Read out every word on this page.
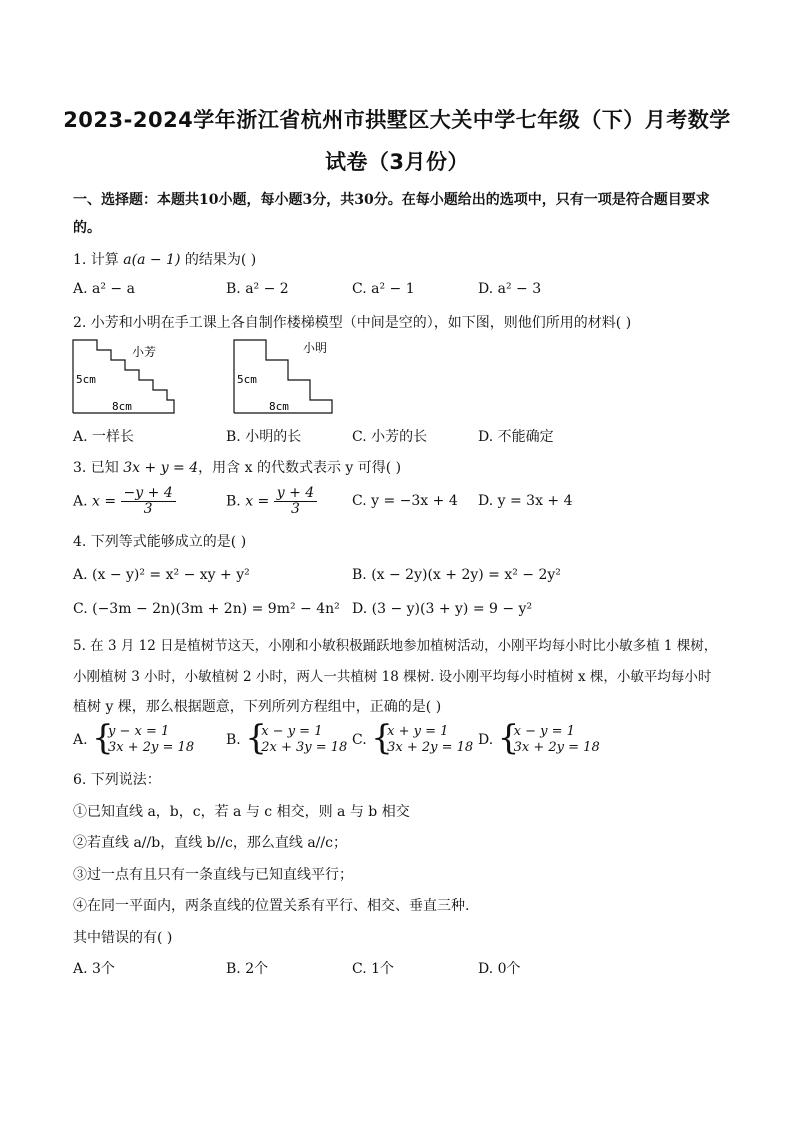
2023-2024学年浙江省杭州市拱墅区大关中学七年级（下）月考数学
试卷（3月份）
一、选择题：本题共10小题，每小题3分，共30分。在每小题给出的选项中，只有一项是符合题目要求
的。
1. 计算 a(a − 1) 的结果为( )
A. a² − a	B. a² − 2	C. a² − 1	D. a² − 3
2. 小芳和小明在手工课上各自制作楼梯模型（中间是空的），如下图，则他们所用的材料( )
小芳
5cm
8cm
小明
5cm
8cm
A. 一样长	B. 小明的长	C. 小芳的长	D. 不能确定
3. 已知 3x + y = 4，用含 x 的代数式表示 y 可得( )
A. $x = \frac{-y + 4}{3}$	B. $x = \frac{y + 4}{3} C$. y = −3x + 4 D. y = 3x + 4
4. 下列等式能够成立的是( )
A. (x − y)² = x² − xy + y²	B. (x − 2y)(x + 2y) = x² − 2y²
C. (−3m − 2n)(3m + 2n) = 9m² − 4n² D. (3 − y)(3 + y) = 9 − y²
5. 在 3 月 12 日是植树节这天，小刚和小敏积极踊跃地参加植树活动，小刚平均每小时比小敏多植 1 棵树，
小刚植树 3 小时，小敏植树 2 小时，两人一共植树 18 棵树. 设小刚平均每小时植树 x 棵，小敏平均每小时
植树 y 棵，那么根据题意，下列所列方程组中，正确的是( )
A. {
y − x = 1
3x + 2y = 18 B. {
x − y = 1
2x + 3y = 18 C. {
x + y = 1
3x + 2y = 18 D. {
x − y = 1
3x + 2y = 18
6. 下列说法：
①已知直线 a，b，c，若 a 与 c 相交，则 a 与 b 相交
②若直线 a//b，直线 b//c，那么直线 a//c；
③过一点有且只有一条直线与已知直线平行；
④在同一平面内，两条直线的位置关系有平行、相交、垂直三种.
其中错误的有( )
A. 3个	B. 2个	C. 1个	D. 0个
